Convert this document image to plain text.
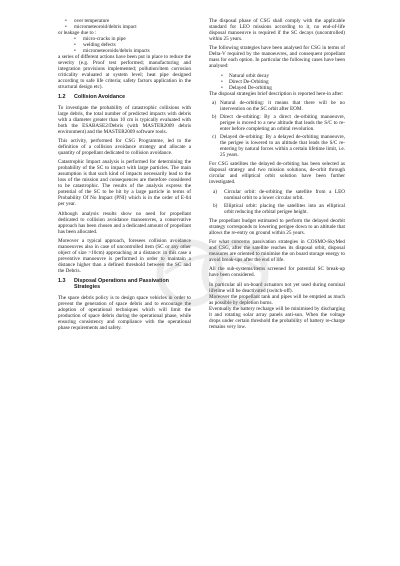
• over temperature
• micrometeoroid/debris impact
or leakage due to :
• micro-cracks in pipe
• welding defects
• micrometeoroids/debris impacts

a series of different actions have been put in place to reduce the severity (e.g. Proof test performed; manufacturing and integration provisions implemented; pollution/item corrosion criticality evaluated at system level; heat pipe designed according to safe life criteria; safety factors application in the structural design etc).

1.2	Collision Avoidance

To investigate the probability of catastrophic collisions with large debris, the total number of predicted impacts with debris with a diameter greater than 10 cm is typically evaluated with both the ESABASE2/Debris (with MASTER2009 debris environment) and the MASTER2009 software tools.

This activity, performed for CSG Programme, led to the definition of a collision avoidance strategy and allocate a quantity of propellant dedicated to collision avoidance.

Catastrophic Impact analysis is performed for determining the probability of the SC to impact with large particles. The main assumption is that such kind of impacts necessarily lead to the loss of the mission and consequences are therefore considered to be catastrophic. The results of the analysis express the potential of the SC to be hit by a large particle in terms of Probability Of No Impact (PNI) which is in the order of E-04 per year.

Although analysis results show no need for propellant dedicated to collision avoidance manoeuvres, a conservative approach has been chosen and a dedicated amount of propellant has been allocated.

Moreover a typical approach, foresees collision avoidance manoeuvres also in case of uncontrolled item (SC or any other object of size >10cm) approaching at a distance: in this case a preventive manoeuvre is performed in order to maintain a distance higher than a defined threshold between the SC and the Debris.

1.3	Disposal Operations and Passivation Strategies

The space debris policy is to design space vehicles in order to prevent the generation of space debris and to encourage the adoption of operational techniques which will limit the production of space debris during the operational phase, while ensuring consistency and compliance with the operational phase requirements and safety.

The disposal phase of CSG shall comply with the applicable standard for LEO missions according to it, no end-of-life disposal manoeuvre is required if the SC decays (uncontrolled) within 25 years.

The following strategies have been analysed for CSG in terms of Delta-V required by the manoeuvres, and consequent propellant mass for each option. In particular the following cases have been analysed:

• Natural orbit decay
• Direct De-Orbiting
• Delayed De-orbiting

The disposal strategies brief description is reported here-in after:

a) Natural de-orbiting: it means that there will be no intervention on the SC orbit after EOM.
b) Direct de-orbiting: By a direct de-orbiting manoeuvre, perigee is moved to a new altitude that leads the S/C to re-enter before completing an orbital revolution.
c) Delayed de-orbiting: By a delayed de-orbiting manoeuvre, the perigee is lowered to an altitude that leads the S/C re-entering by natural forces within a certain lifetime limit, i.e. 25 years.

For CSG satellites the delayed de-orbiting has been selected as disposal strategy and two mission solutions, de-orbit through circular and elliptical orbit solution have been further investigated.

a) Circular orbit: de-orbiting the satellite from a LEO nominal orbit to a lower circular orbit.
b) Elliptical orbit: placing the satellites into an elliptical orbit reducing the orbital perigee height.

The propellant budget estimated to perform the delayed deorbit strategy corresponds to lowering perigee down to an altitude that allows the re-entry on ground within 25 years.

For what concerns passivation strategies in COSMO-SkyMed and CSG, after the satellite reaches its disposal orbit, disposal measures are oriented to minimise the on board storage energy to avoid break-ups after the end of life.

All the sub-systems/items screened for potential SC break-up have been considered.

In particular all on-board actuators not yet used during nominal lifetime will be deactivated (switch-off).

Moreover the propellant tank and pipes will be emptied as much as possible by depletion burns.

Eventually the battery recharge will be minimised by discharging it and rotating solar array panels anti-sun. When the voltage drops under certain threshold the probability of battery re-charge remains very low.
